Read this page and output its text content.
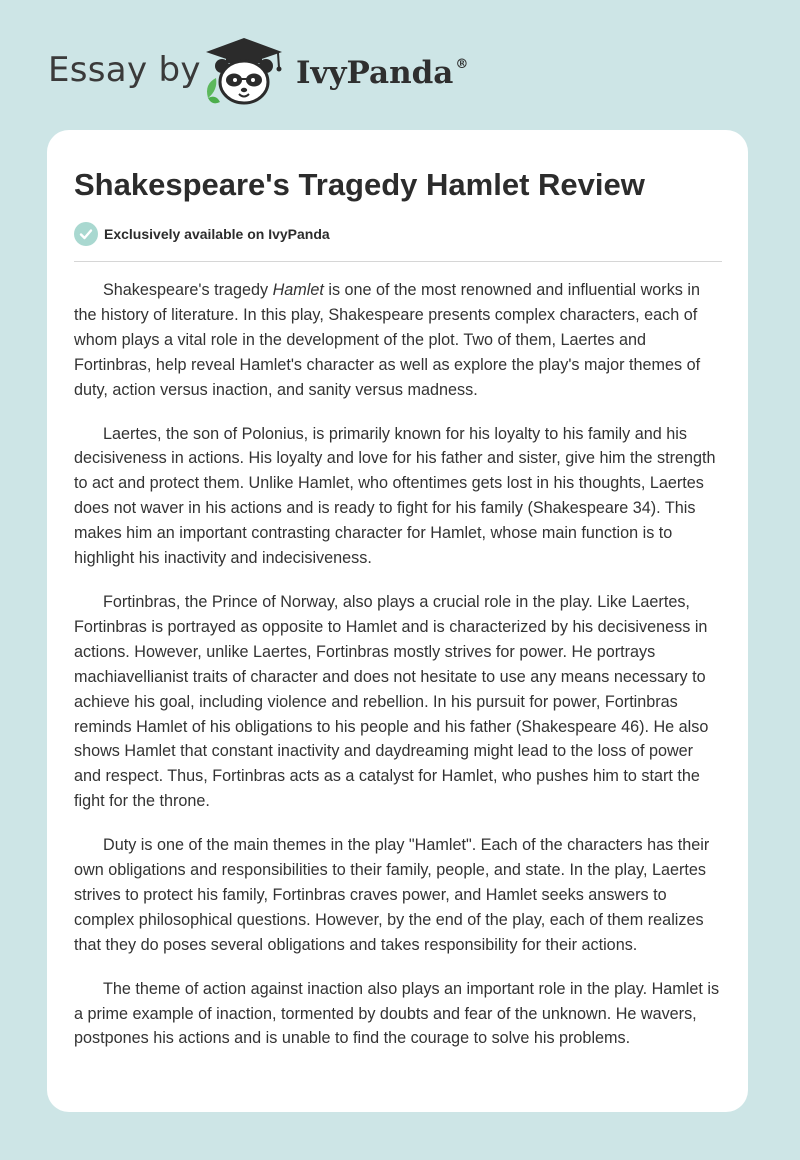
Essay by	IvyPanda ®
Shakespeare's Tragedy Hamlet Review
Exclusively available on IvyPanda

Shakespeare's tragedy Hamlet is one of the most renowned and influential works in the history of literature. In this play, Shakespeare presents complex characters, each of whom plays a vital role in the development of the plot. Two of them, Laertes and Fortinbras, help reveal Hamlet's character as well as explore the play's major themes of duty, action versus inaction, and sanity versus madness.

Laertes, the son of Polonius, is primarily known for his loyalty to his family and his decisiveness in actions. His loyalty and love for his father and sister, give him the strength to act and protect them. Unlike Hamlet, who oftentimes gets lost in his thoughts, Laertes does not waver in his actions and is ready to fight for his family (Shakespeare 34). This makes him an important contrasting character for Hamlet, whose main function is to highlight his inactivity and indecisiveness.

Fortinbras, the Prince of Norway, also plays a crucial role in the play. Like Laertes, Fortinbras is portrayed as opposite to Hamlet and is characterized by his decisiveness in actions. However, unlike Laertes, Fortinbras mostly strives for power. He portrays machiavellianist traits of character and does not hesitate to use any means necessary to achieve his goal, including violence and rebellion. In his pursuit for power, Fortinbras reminds Hamlet of his obligations to his people and his father (Shakespeare 46). He also shows Hamlet that constant inactivity and daydreaming might lead to the loss of power and respect. Thus, Fortinbras acts as a catalyst for Hamlet, who pushes him to start the fight for the throne.

Duty is one of the main themes in the play "Hamlet". Each of the characters has their own obligations and responsibilities to their family, people, and state. In the play, Laertes strives to protect his family, Fortinbras craves power, and Hamlet seeks answers to complex philosophical questions. However, by the end of the play, each of them realizes that they do poses several obligations and takes responsibility for their actions.

The theme of action against inaction also plays an important role in the play. Hamlet is a prime example of inaction, tormented by doubts and fear of the unknown. He wavers, postpones his actions and is unable to find the courage to solve his problems.
